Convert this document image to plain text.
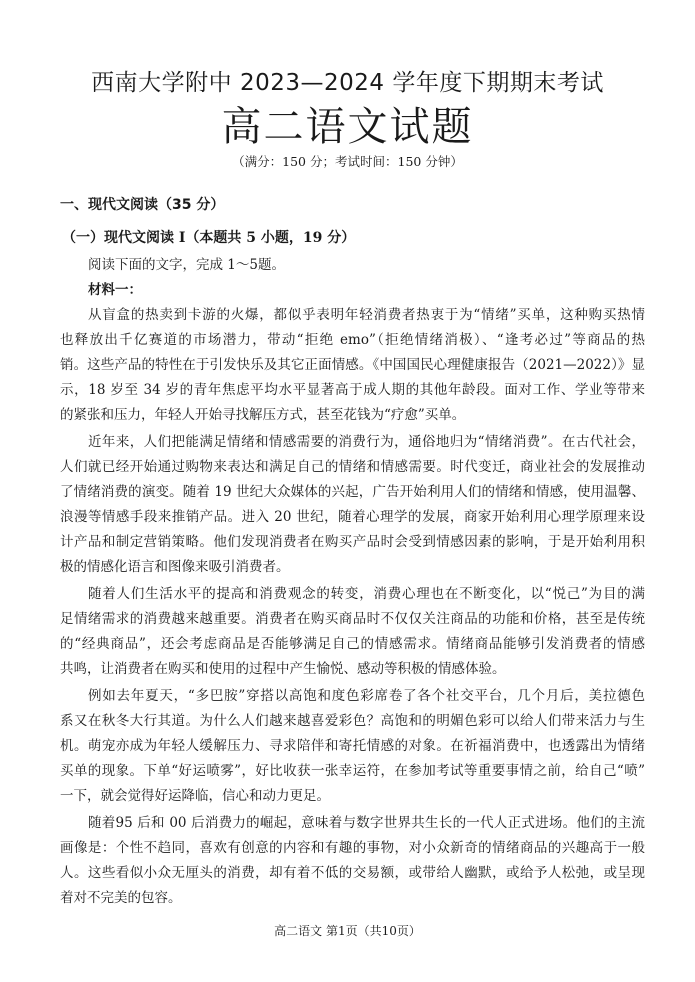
西南大学附中 2023—2024 学年度下期期末考试
高二语文试题
（满分：150 分；考试时间：150 分钟）
一、现代文阅读（35 分）
（一）现代文阅读 I（本题共 5 小题，19 分）
阅读下面的文字，完成 1～5题。
材料一：
从盲盒的热卖到卡游的火爆，都似乎表明年轻消费者热衷于为“情绪”买单，这种购买热情
也释放出千亿赛道的市场潜力，带动“拒绝 emo”（拒绝情绪消极）、“逢考必过”等商品的热
销。这些产品的特性在于引发快乐及其它正面情感。《中国国民心理健康报告（2021—2022）》显
示，18 岁至 34 岁的青年焦虑平均水平显著高于成人期的其他年龄段。面对工作、学业等带来
的紧张和压力，年轻人开始寻找解压方式，甚至花钱为“疗愈”买单。
近年来，人们把能满足情绪和情感需要的消费行为，通俗地归为“情绪消费”。在古代社会，
人们就已经开始通过购物来表达和满足自己的情绪和情感需要。时代变迁，商业社会的发展推动
了情绪消费的演变。随着 19 世纪大众媒体的兴起，广告开始利用人们的情绪和情感，使用温馨、
浪漫等情感手段来推销产品。进入 20 世纪，随着心理学的发展，商家开始利用心理学原理来设
计产品和制定营销策略。他们发现消费者在购买产品时会受到情感因素的影响，于是开始利用积
极的情感化语言和图像来吸引消费者。
随着人们生活水平的提高和消费观念的转变，消费心理也在不断变化，以“悦己”为目的满
足情绪需求的消费越来越重要。消费者在购买商品时不仅仅关注商品的功能和价格，甚至是传统
的“经典商品”，还会考虑商品是否能够满足自己的情感需求。情绪商品能够引发消费者的情感
共鸣，让消费者在购买和使用的过程中产生愉悦、感动等积极的情感体验。
例如去年夏天，“多巴胺”穿搭以高饱和度色彩席卷了各个社交平台，几个月后，美拉德色
系又在秋冬大行其道。为什么人们越来越喜爱彩色？高饱和的明媚色彩可以给人们带来活力与生
机。萌宠亦成为年轻人缓解压力、寻求陪伴和寄托情感的对象。在祈福消费中，也透露出为情绪
买单的现象。下单“好运喷雾”，好比收获一张幸运符，在参加考试等重要事情之前，给自己“喷”
一下，就会觉得好运降临，信心和动力更足。
随着95 后和 00 后消费力的崛起，意味着与数字世界共生长的一代人正式进场。他们的主流
画像是：个性不趋同，喜欢有创意的内容和有趣的事物，对小众新奇的情绪商品的兴趣高于一般
人。这些看似小众无厘头的消费，却有着不低的交易额，或带给人幽默，或给予人松弛，或呈现
着对不完美的包容。
高二语文 第1页（共10页）
